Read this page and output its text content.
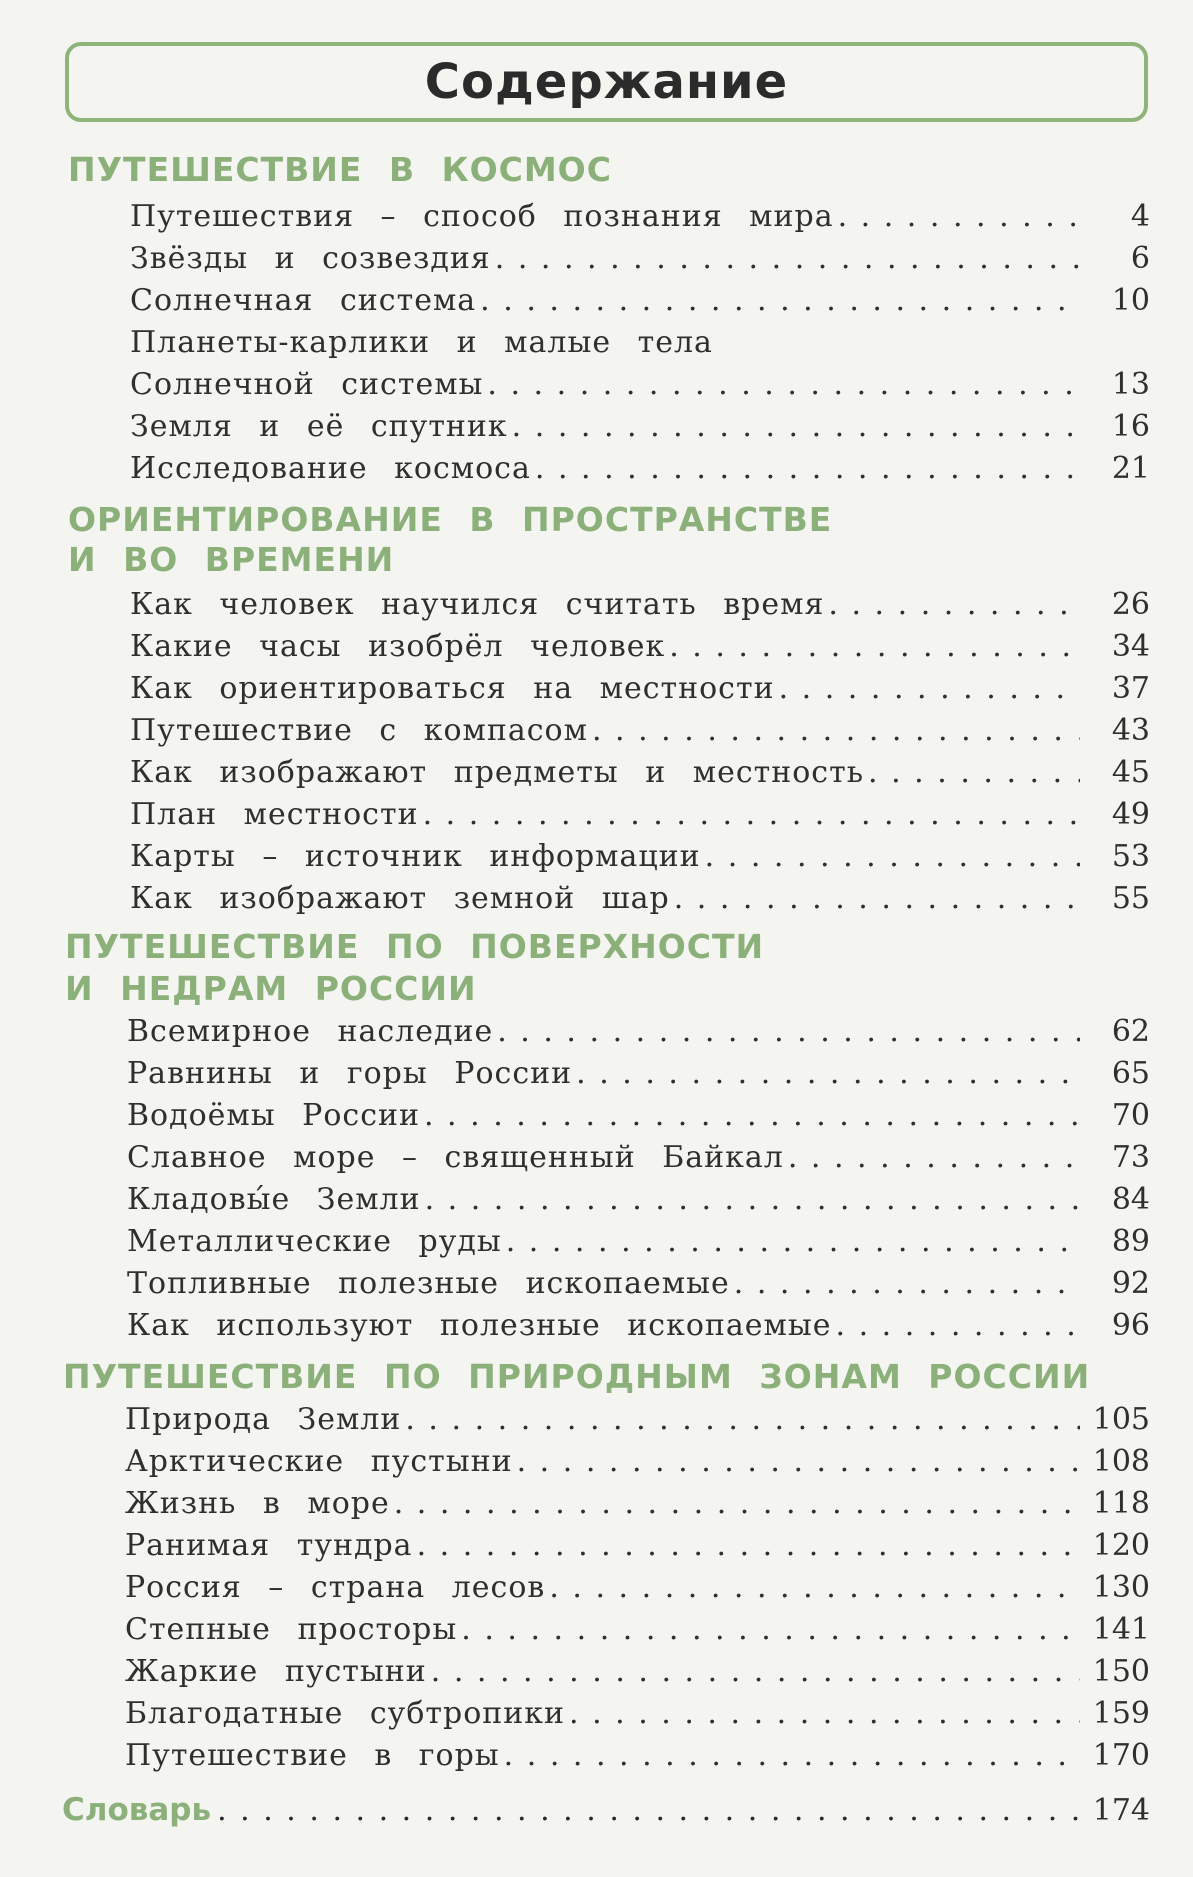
Содержание
ПУТЕШЕСТВИЕ В КОСМОС
Путешествия – способ познания мира . . .	4
Звёзды и созвездия . . .	6
Солнечная система . . .	10
Планеты-карлики и малые тела
Солнечной системы . . .	13
Земля и её спутник . . .	16
Исследование космоса . . .	21
ОРИЕНТИРОВАНИЕ В ПРОСТРАНСТВЕ
И ВО ВРЕМЕНИ
Как человек научился считать время . . .	26
Какие часы изобрёл человек . . .	34
Как ориентироваться на местности . . .	37
Путешествие с компасом . . .	43
Как изображают предметы и местность . . .	45
План местности . . .	49
Карты – источник информации . . .	53
Как изображают земной шар . . .	55
ПУТЕШЕСТВИЕ ПО ПОВЕРХНОСТИ
И НЕДРАМ РОССИИ
Всемирное наследие . . .	62
Равнины и горы России . . .	65
Водоёмы России . . .	70
Славное море – священный Байкал . . .	73
Кладовы́е Земли . . .	84
Металлические руды . . .	89
Топливные полезные ископаемые . . .	92
Как используют полезные ископаемые . . .	96
ПУТЕШЕСТВИЕ ПО ПРИРОДНЫМ ЗОНАМ РОССИИ
Природа Земли . . .	105
Арктические пустыни . . .	108
Жизнь в море . . .	118
Ранимая тундра . . .	120
Россия – страна лесов . . .	130
Степные просторы . . .	141
Жаркие пустыни . . .	150
Благодатные субтропики . . .	159
Путешествие в горы . . .	170
Словарь . . .	174
